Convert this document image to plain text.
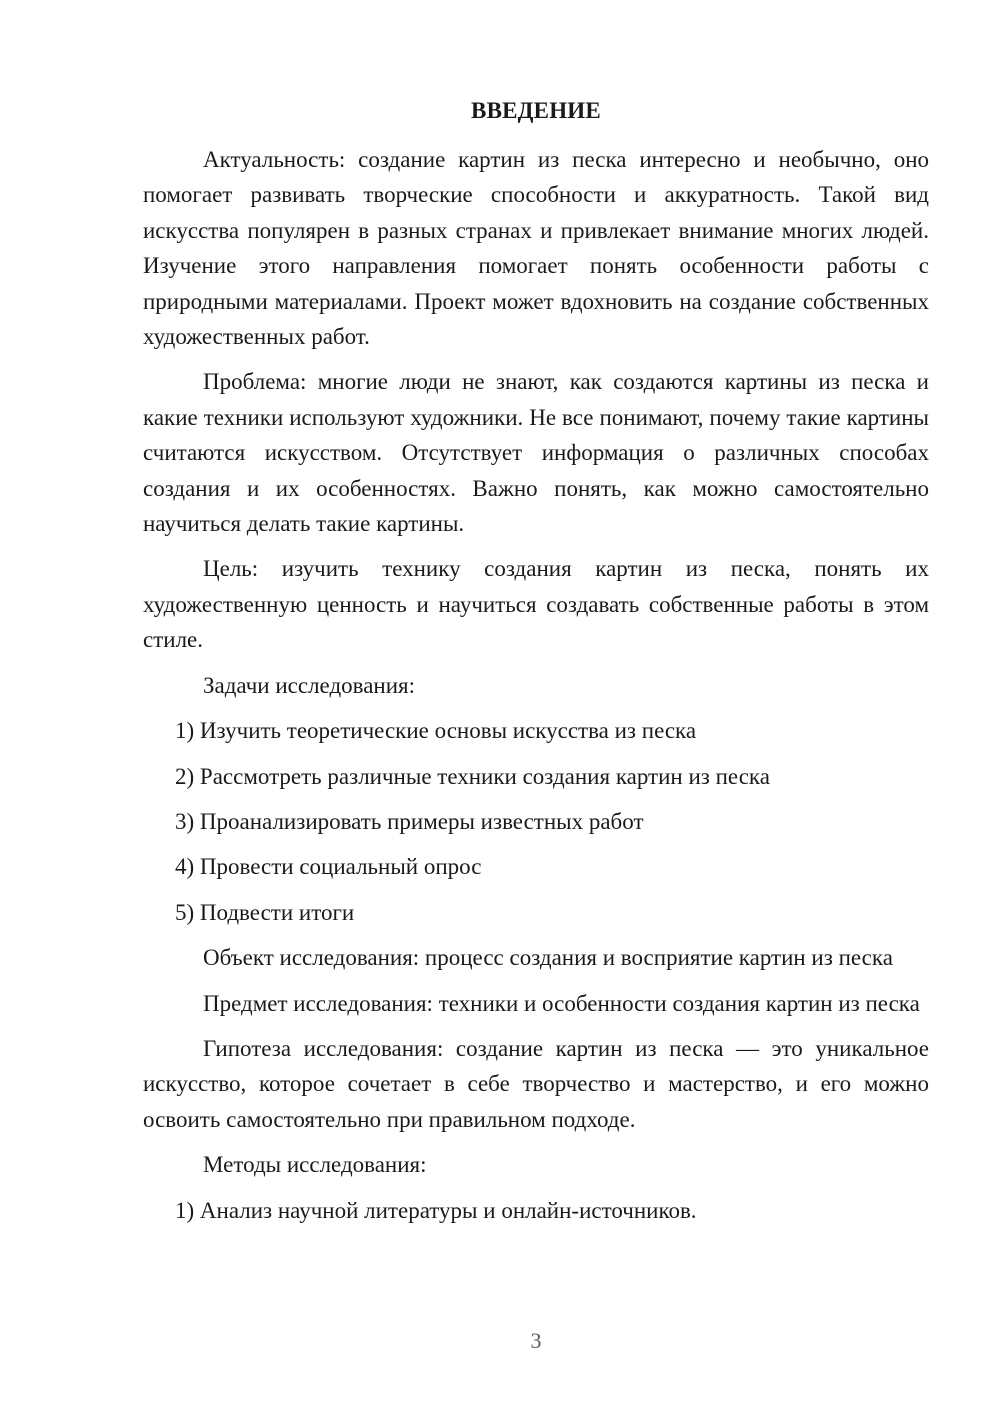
ВВЕДЕНИЕ

Актуальность: создание картин из песка интересно и необычно, оно помогает развивать творческие способности и аккуратность. Такой вид искусства популярен в разных странах и привлекает внимание многих людей. Изучение этого направления помогает понять особенности работы с природными материалами. Проект может вдохновить на создание собственных художественных работ.

Проблема: многие люди не знают, как создаются картины из песка и какие техники используют художники. Не все понимают, почему такие картины считаются искусством. Отсутствует информация о различных способах создания и их особенностях. Важно понять, как можно самостоятельно научиться делать такие картины.

Цель: изучить технику создания картин из песка, понять их художественную ценность и научиться создавать собственные работы в этом стиле.

Задачи исследования:

1) Изучить теоретические основы искусства из песка

2) Рассмотреть различные техники создания картин из песка

3) Проанализировать примеры известных работ

4) Провести социальный опрос

5) Подвести итоги

Объект исследования: процесс создания и восприятие картин из песка

Предмет исследования: техники и особенности создания картин из песка

Гипотеза исследования: создание картин из песка — это уникальное искусство, которое сочетает в себе творчество и мастерство, и его можно освоить самостоятельно при правильном подходе.

Методы исследования:

1) Анализ научной литературы и онлайн-источников.

3
